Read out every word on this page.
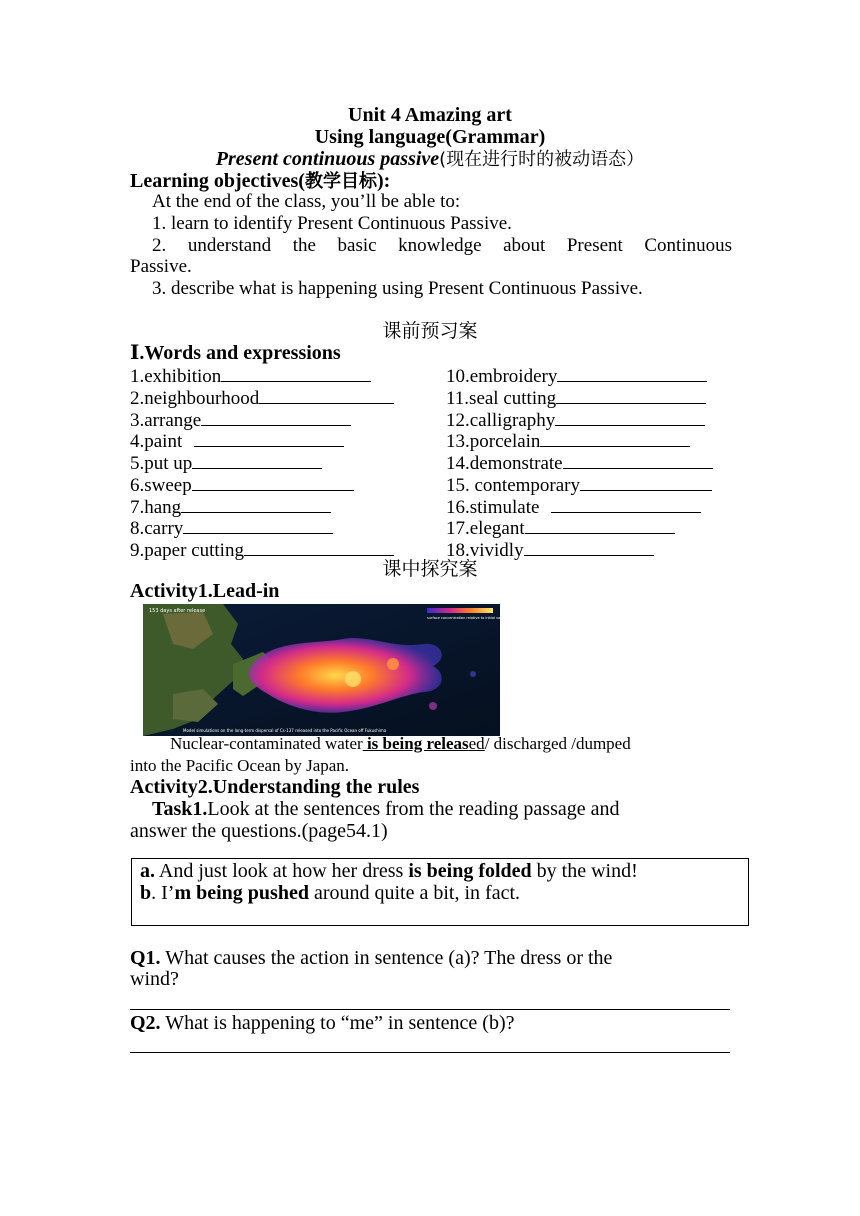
Unit 4 Amazing art
Using language(Grammar)
Present continuous passive(现在进行时的被动语态）
Learning objectives(教学目标):
At the end of the class, you’ll be able to:
1. learn to identify Present Continuous Passive.
2. understand the basic knowledge about Present Continuous
Passive.
3. describe what is happening using Present Continuous Passive.
课前预习案
Ⅰ.Words and expressions
1.exhibition
2.neighbourhood
3.arrange
4.paint
5.put up
6.sweep
7.hang
8.carry
9.paper cutting
10.embroidery
11.seal cutting
12.calligraphy
13.porcelain
14.demonstrate
15. contemporary
16.stimulate
17.elegant
18.vividly
课中探究案
Activity1.Lead-in
153 days after release
surface concentration relative to initial values off Japan
Model simulations on the long-term dispersal of Cs-137 released into the Pacific Ocean off Fukushima
Nuclear-contaminated water is being released/ discharged /dumped
into the Pacific Ocean by Japan.
Activity2.Understanding the rules
Task1.Look at the sentences from the reading passage and
answer the questions.(page54.1)
a. And just look at how her dress is being folded by the wind!
b. I’m being pushed around quite a bit, in fact.
Q1. What causes the action in sentence (a)? The dress or the
wind?
Q2. What is happening to “me” in sentence (b)?
